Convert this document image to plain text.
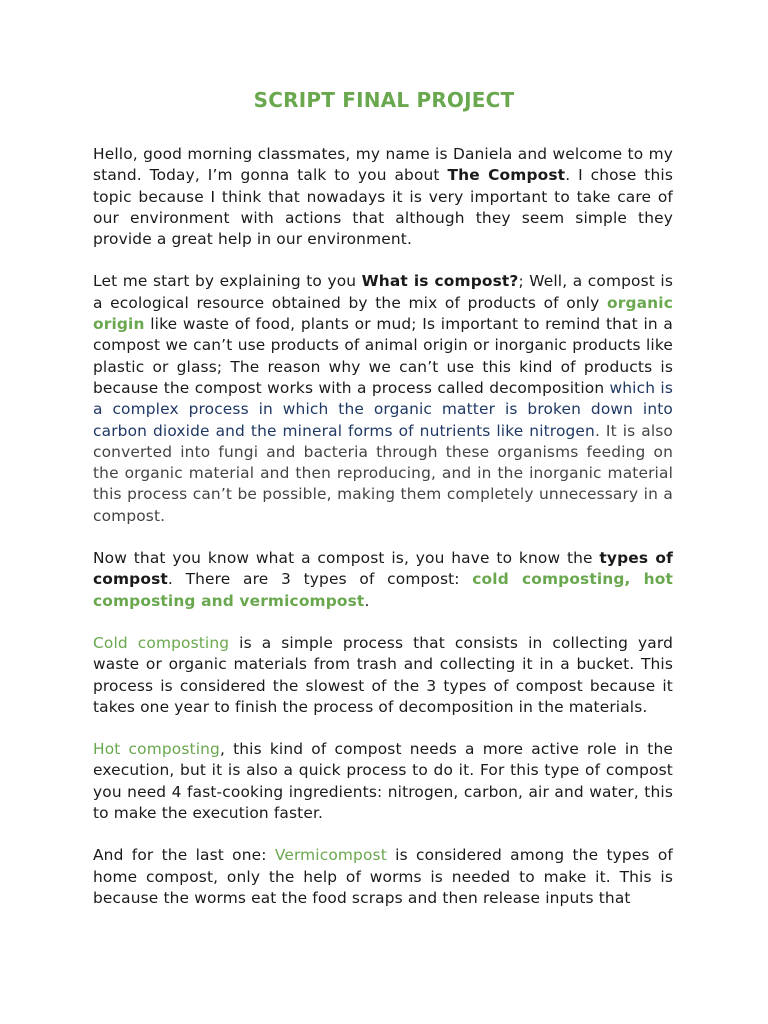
SCRIPT FINAL PROJECT

Hello, good morning classmates, my name is Daniela and welcome to my stand. Today, I’m gonna talk to you about The Compost. I chose this topic because I think that nowadays it is very important to take care of our environment with actions that although they seem simple they provide a great help in our environment.

Let me start by explaining to you What is compost?; Well, a compost is a ecological resource obtained by the mix of products of only organic origin like waste of food, plants or mud; Is important to remind that in a compost we can’t use products of animal origin or inorganic products like plastic or glass; The reason why we can’t use this kind of products is because the compost works with a process called decomposition which is a complex process in which the organic matter is broken down into carbon dioxide and the mineral forms of nutrients like nitrogen. It is also converted into fungi and bacteria through these organisms feeding on the organic material and then reproducing, and in the inorganic material this process can’t be possible, making them completely unnecessary in a compost.

Now that you know what a compost is, you have to know the types of compost. There are 3 types of compost: cold composting, hot composting and vermicompost.

Cold composting is a simple process that consists in collecting yard waste or organic materials from trash and collecting it in a bucket. This process is considered the slowest of the 3 types of compost because it takes one year to finish the process of decomposition in the materials.

Hot composting, this kind of compost needs a more active role in the execution, but it is also a quick process to do it. For this type of compost you need 4 fast-cooking ingredients: nitrogen, carbon, air and water, this to make the execution faster.

And for the last one: Vermicompost is considered among the types of home compost, only the help of worms is needed to make it. This is because the worms eat the food scraps and then release inputs that
